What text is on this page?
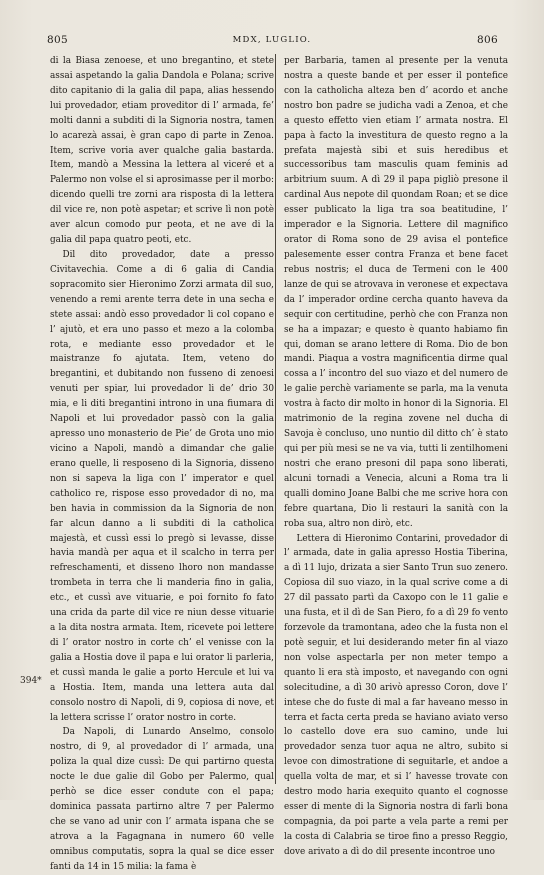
805	MDX, LUGLIO.	806

di la Biasa zenoese, et uno bregantino, et stete assai aspetando la galia Dandola e Polana; scrive dito capitanio di la galia dil papa, alias hessendo lui provedador, etiam proveditor di l’ armada, fe’ molti danni a subditi di la Signoria nostra, tamen lo acarezà assai, è gran capo di parte in Zenoa. Item, scrive voria aver qualche galia bastarda. Item, mandò a Messina la lettera al viceré et a Palermo non volse el si aprosimasse per il morbo: dicendo quelli tre zorni ara risposta di la lettera dil vice re, non potè aspetar; et scrive lì non potè aver alcun comodo pur peota, et ne ave di la galia dil papa quatro peoti, etc.

Dil dito provedador, date a presso Civitavechia. Come a di 6 galia di Candia sopracomito sier Hieronimo Zorzi armata dil suo, venendo a remi arente terra dete in una secha e stete assai: andò esso provedador li col copano e l’ ajutò, et era uno passo et mezo a la colomba rota, e mediante esso provedador et le maistranze fo ajutata. Item, veteno do bregantini, et dubitando non fusseno di zenoesi venuti per spiar, lui provedador li de’ drio 30 mia, e li diti bregantini introno in una fiumara di Napoli et lui provedador passò con la galia apresso uno monasterio de Pie’ de Grota uno mio vicino a Napoli, mandò a dimandar che galie erano quelle, li resposeno di la Signoria, disseno non si sapeva la liga con l’ imperator e quel catholico re, rispose esso provedador di no, ma ben havia in commission da la Signoria de non far alcun danno a li subditi di la catholica majestà, et cussì essi lo pregò si levasse, disse havia mandà per aqua et il scalcho in terra per refreschamenti, et disseno lhoro non mandasse trombeta in terra che li manderia fino in galia, etc., et cussì ave vituarie, e poi fornito fo fato una crida da parte dil vice re niun desse vituarie a la dita nostra armata. Item, ricevete poi lettere di l’ orator nostro in corte ch’ el venisse con la galia a Hostia dove il papa e lui orator li parleria, et cussì manda le galie a porto Hercule et lui va a Hostia. Item, manda una lettera auta dal consolo nostro di Napoli, di 9, copiosa di nove, et la lettera scrisse l’ orator nostro in corte.

Da Napoli, di Lunardo Anselmo, consolo nostro, di 9, al provedador di l’ armada, una poliza la qual dize cussì: De qui partirno questa nocte le due galie dil Gobo per Palermo, qual perhò se dice esser condute con el papa; dominica passata partirno altre 7 per Palermo che se vano ad unir con l’ armata ispana che se atrova a la Fagagnana in numero 60 velle omnibus computatis, sopra la qual se dice esser fanti da 14 in 15 milia: la fama è

per Barbaria, tamen al presente per la venuta nostra a queste bande et per esser il pontefice con la catholicha alteza ben d’ acordo et anche nostro bon padre se judicha vadi a Zenoa, et che a questo effetto vien etiam l’ armata nostra. El papa à facto la investitura de questo regno a la prefata majestà sibi et suis heredibus et successoribus tam masculis quam feminis ad arbitrium suum. A dì 29 il papa pigliò presone il cardinal Aus nepote dil quondam Roan; et se dice esser publicato la liga tra soa beatitudine, l’ imperador e la Signoria. Lettere dil magnifico orator di Roma sono de 29 avisa el pontefice palesemente esser contra Franza et bene facet rebus nostris; el duca de Termeni con le 400 lanze de qui se atrovava in veronese et expectava da l’ imperador ordine cercha quanto haveva da sequir con certitudine, perhò che con Franza non se ha a impazar; e questo è quanto habiamo fin qui, doman se arano lettere di Roma. Dio de bon mandi. Piaqua a vostra magnificentia dirme qual cossa a l’ incontro del suo viazo et del numero de le galie perchè variamente se parla, ma la venuta vostra à facto dir molto in honor di la Signoria. El matrimonio de la regina zovene nel ducha di Savoja è concluso, uno nuntio dil ditto ch’ è stato qui per più mesi se ne va via, tutti li zentilhomeni nostri che erano presoni dil papa sono liberati, alcuni tornadi a Venecia, alcuni a Roma tra li qualli domino Joane Balbi che me scrive hora con febre quartana, Dio li restauri la sanità con la roba sua, altro non dirò, etc.

Lettera di Hieronimo Contarini, provedador di l’ armada, date in galia apresso Hostia Tiberina, a dì 11 lujo, drizata a sier Santo Trun suo zenero. Copiosa dil suo viazo, in la qual scrive come a di 27 dil passato partì da Caxopo con le 11 galie e una fusta, et il dì de San Piero, fo a dì 29 fo vento forzevole da tramontana, adeo che la fusta non el potè seguir, et lui desiderando meter fin al viazo non volse aspectarla per non meter tempo a quanto li era stà imposto, et navegando con ogni solecitudine, a dì 30 arivò apresso Coron, dove l’ intese che do fuste di mal a far haveano messo in terra et facta certa preda se haviano aviato verso lo castello dove era suo camino, unde lui provedador senza tuor aqua ne altro, subito si levoe con dimostratione di seguitarle, et andoe a quella volta de mar, et si l’ havesse trovate con destro modo haria exequito quanto el cognosse esser di mente di la Signoria nostra di farli bona compagnia, da poi parte a vela parte a remi per la costa di Calabria se tiroe fino a presso Reggio, dove arivato a dì do dil presente incontroe uno

394*
